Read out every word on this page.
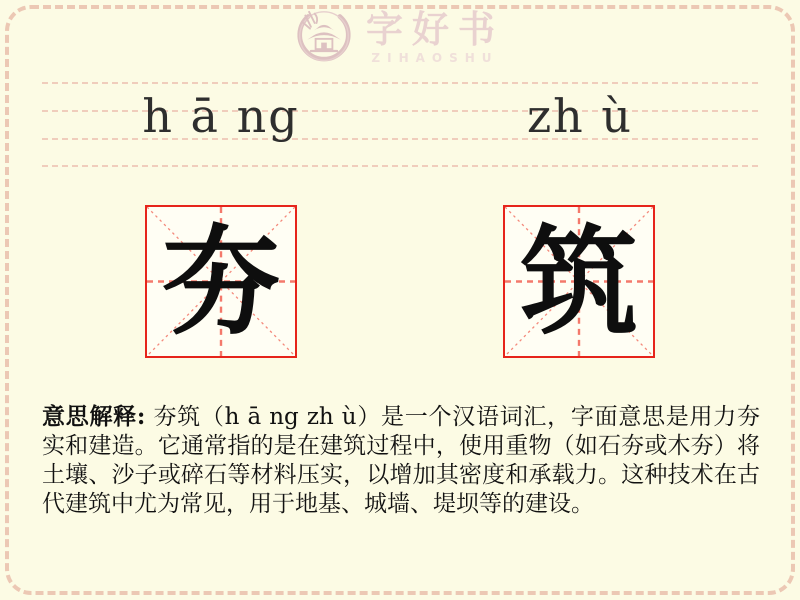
字好书
ZIHAOSHU
h ā ng	zh ù
夯 筑

意思解释: 夯筑（h ā ng zh ù）是一个汉语词汇，字面意思是用力夯实和建造。它通常指的是在建筑过程中，使用重物（如石夯或木夯）将土壤、沙子或碎石等材料压实，以增加其密度和承载力。这种技术在古代建筑中尤为常见，用于地基、城墙、堤坝等的建设。
